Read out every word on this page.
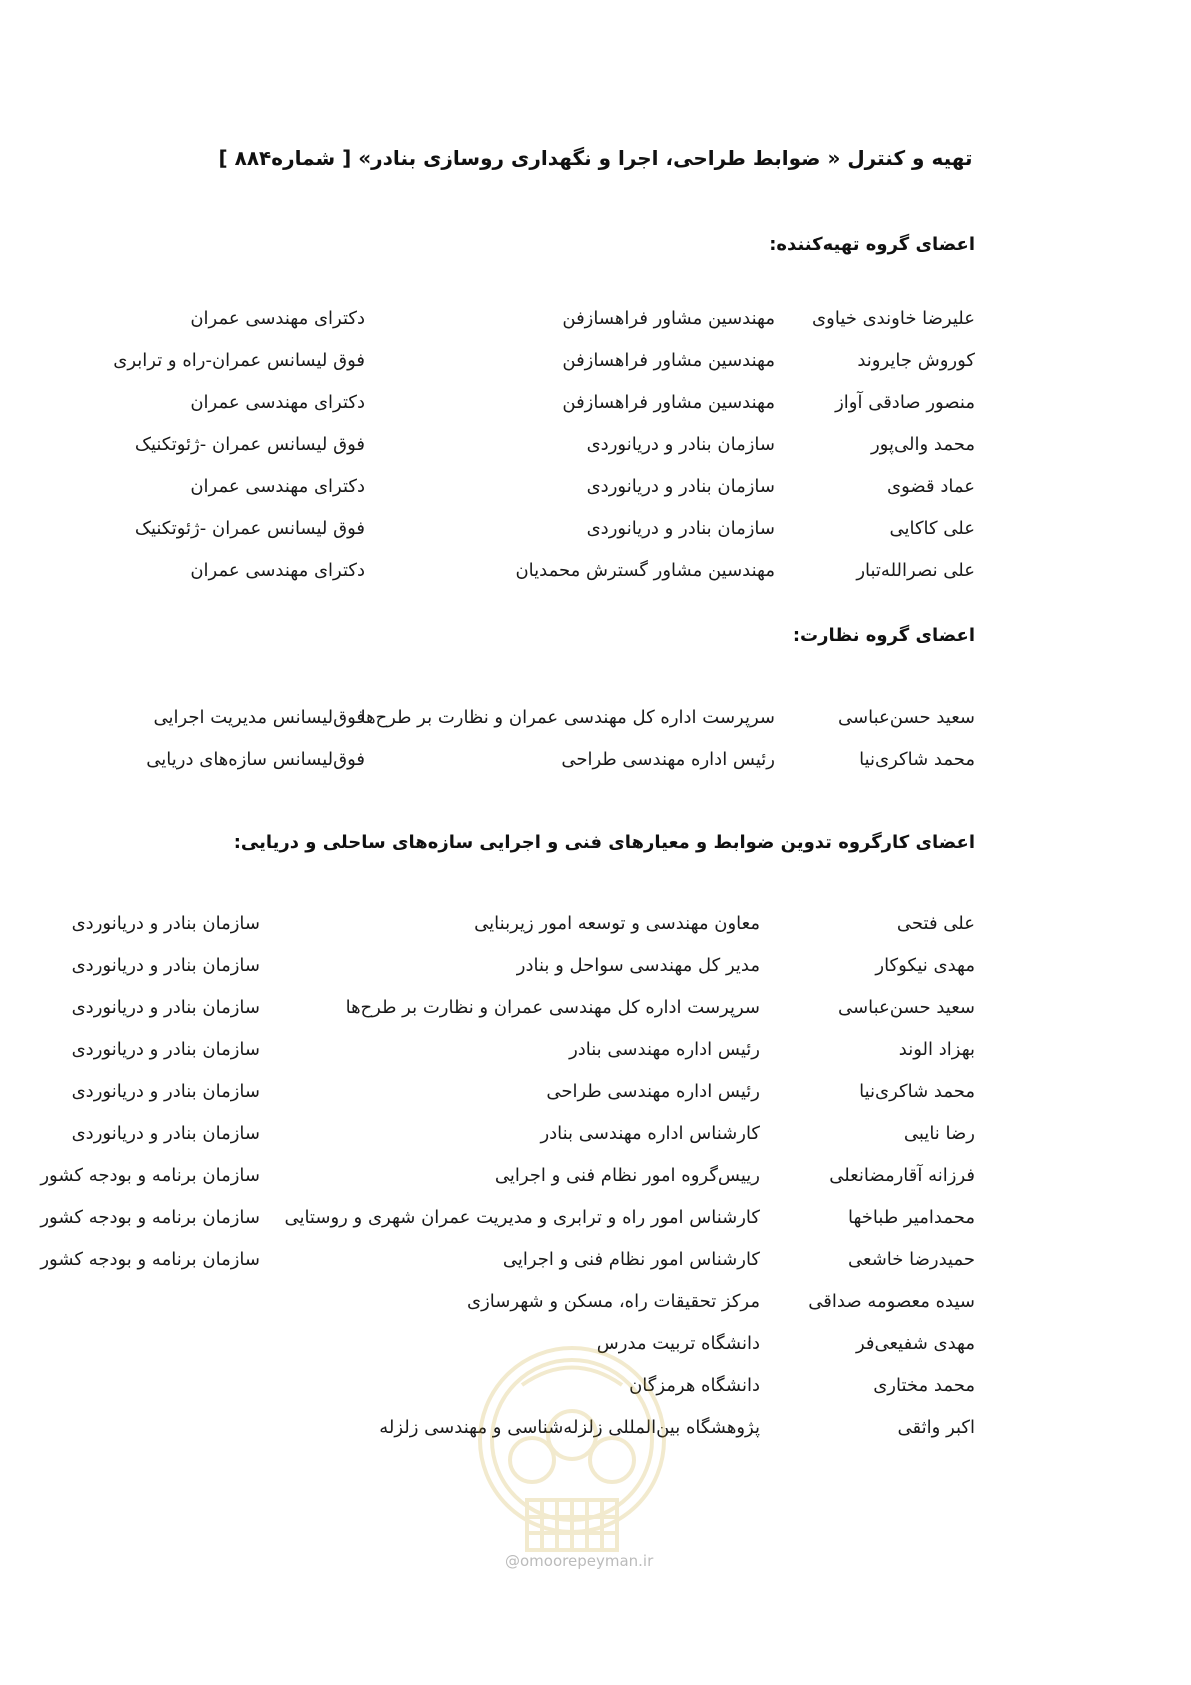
تهیه و کنترل « ضوابط طراحی، اجرا و نگهداری روسازی بنادر» [ شماره۸۸۴ ]
اعضای گروه تهیه‌کننده:
علیرضا خاوندی خیاوی
مهندسین مشاور فراهسازفن
دکترای مهندسی عمران
کوروش جایروند
مهندسین مشاور فراهسازفن
فوق لیسانس عمران-راه و ترابری
منصور صادقی آواز
مهندسین مشاور فراهسازفن
دکترای مهندسی عمران
محمد والی‌پور
سازمان بنادر و دریانوردی
فوق لیسانس عمران -ژئوتکنیک
عماد قضوی
سازمان بنادر و دریانوردی
دکترای مهندسی عمران
علی کاکایی
سازمان بنادر و دریانوردی
فوق لیسانس عمران -ژئوتکنیک
علی نصرالله‌تبار
مهندسین مشاور گسترش محمدیان
دکترای مهندسی عمران
اعضای گروه نظارت:
سعید حسن‌عباسی
سرپرست اداره کل مهندسی عمران و نظارت بر طرح‌ها
فوق‌لیسانس مدیریت اجرایی
محمد شاکری‌نیا
رئیس اداره مهندسی طراحی
فوق‌لیسانس سازه‌های دریایی
اعضای کارگروه تدوین ضوابط و معیارهای فنی و اجرایی سازه‌های ساحلی و دریایی:
علی فتحی
معاون مهندسی و توسعه امور زیربنایی
سازمان بنادر و دریانوردی
مهدی نیکوکار
مدیر کل مهندسی سواحل و بنادر
سازمان بنادر و دریانوردی
سعید حسن‌عباسی
سرپرست اداره کل مهندسی عمران و نظارت بر طرح‌ها
سازمان بنادر و دریانوردی
بهزاد الوند
رئیس اداره مهندسی بنادر
سازمان بنادر و دریانوردی
محمد شاکری‌نیا
رئیس اداره مهندسی طراحی
سازمان بنادر و دریانوردی
رضا نایبی
کارشناس اداره مهندسی بنادر
سازمان بنادر و دریانوردی
فرزانه آقارمضانعلی
رییس‌گروه امور نظام فنی و اجرایی
سازمان برنامه و بودجه کشور
محمدامیر طباخها
کارشناس امور راه و ترابری و مدیریت عمران شهری و روستایی
سازمان برنامه و بودجه کشور
حمیدرضا خاشعی
کارشناس امور نظام فنی و اجرایی
سازمان برنامه و بودجه کشور
سیده معصومه صداقی
مرکز تحقیقات راه، مسکن و شهرسازی
مهدی شفیعی‌فر
دانشگاه تربیت مدرس
محمد مختاری
دانشگاه هرمزگان
اکبر واثقی
پژوهشگاه بین‌المللی زلزله‌شناسی و مهندسی زلزله
@omoorepeyman.ir
